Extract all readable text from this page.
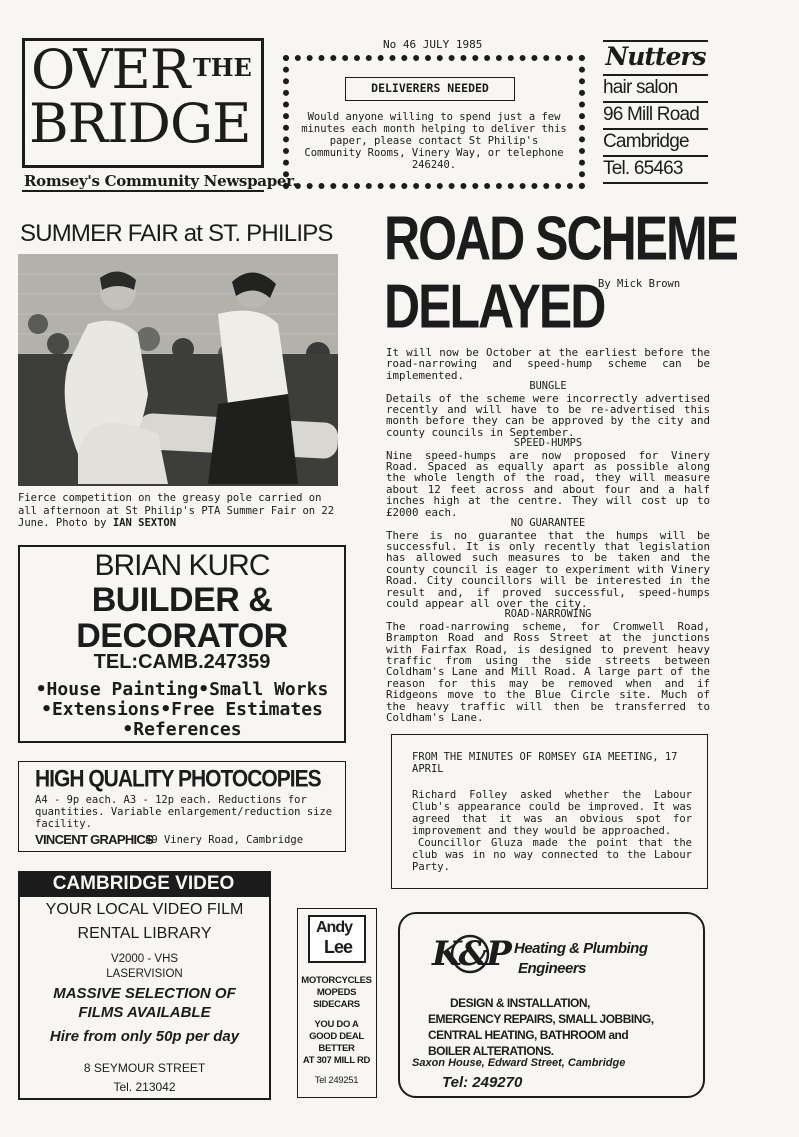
OVER THE
BRIDGE
Romsey's Community Newspaper.
No 46 JULY 1985
DELIVERERS NEEDED
Would anyone willing to spend just a few minutes each month helping to deliver this paper, please contact St Philip's Community Rooms, Vinery Way, or telephone 246240.
Nutters
hair salon
96 Mill Road
Cambridge
Tel. 65463
SUMMER FAIR at ST. PHILIPS
Fierce competition on the greasy pole carried on all afternoon at St Philip's PTA Summer Fair on 22 June. Photo by IAN SEXTON
BRIAN KURC
BUILDER &
DECORATOR
TEL:CAMB.247359
•House Painting•Small Works
•Extensions•Free Estimates
•References
HIGH QUALITY PHOTOCOPIES
A4 - 9p each. A3 - 12p each. Reductions for quantities. Variable enlargement/reduction size facility.
VINCENT GRAPHICS
49 Vinery Road, Cambridge
CAMBRIDGE VIDEO
YOUR LOCAL VIDEO FILM
RENTAL LIBRARY
V2000 - VHS
LASERVISION
MASSIVE SELECTION OF
FILMS AVAILABLE
Hire from only 50p per day
8 SEYMOUR STREET
Tel. 213042
Andy
Lee
MOTORCYCLES
MOPEDS
SIDECARS
YOU DO A
GOOD DEAL
BETTER
AT 307 MILL RD
Tel 249251
ROAD SCHEME
DELAYED
By Mick Brown

It will now be October at the earliest before the road-narrowing and speed-hump scheme can be implemented.

BUNGLE

Details of the scheme were incorrectly advertised recently and will have to be re-advertised this month before they can be approved by the city and county councils in September.

SPEED-HUMPS

Nine speed-humps are now proposed for Vinery Road. Spaced as equally apart as possible along the whole length of the road, they will measure about 12 feet across and about four and a half inches high at the centre. They will cost up to £2000 each.

NO GUARANTEE

There is no guarantee that the humps will be successful. It is only recently that legislation has allowed such measures to be taken and the county council is eager to experiment with Vinery Road. City councillors will be interested in the result and, if proved successful, speed-humps could appear all over the city.

ROAD-NARROWING

The road-narrowing scheme, for Cromwell Road, Brampton Road and Ross Street at the junctions with Fairfax Road, is designed to prevent heavy traffic from using the side streets between Coldham's Lane and Mill Road. A large part of the reason for this may be removed when and if Ridgeons move to the Blue Circle site. Much of the heavy traffic will then be transferred to Coldham's Lane.

FROM THE MINUTES OF ROMSEY GIA MEETING, 17 APRIL

Richard Folley asked whether the Labour Club's appearance could be improved. It was agreed that it was an obvious spot for improvement and they would be approached.

Councillor Gluza made the point that the club was in no way connected to the Labour Party.

K&P Heating & Plumbing
Engineers
DESIGN & INSTALLATION,
EMERGENCY REPAIRS, SMALL JOBBING,
CENTRAL HEATING, BATHROOM and
BOILER ALTERATIONS.
Saxon House, Edward Street, Cambridge
Tel: 249270
